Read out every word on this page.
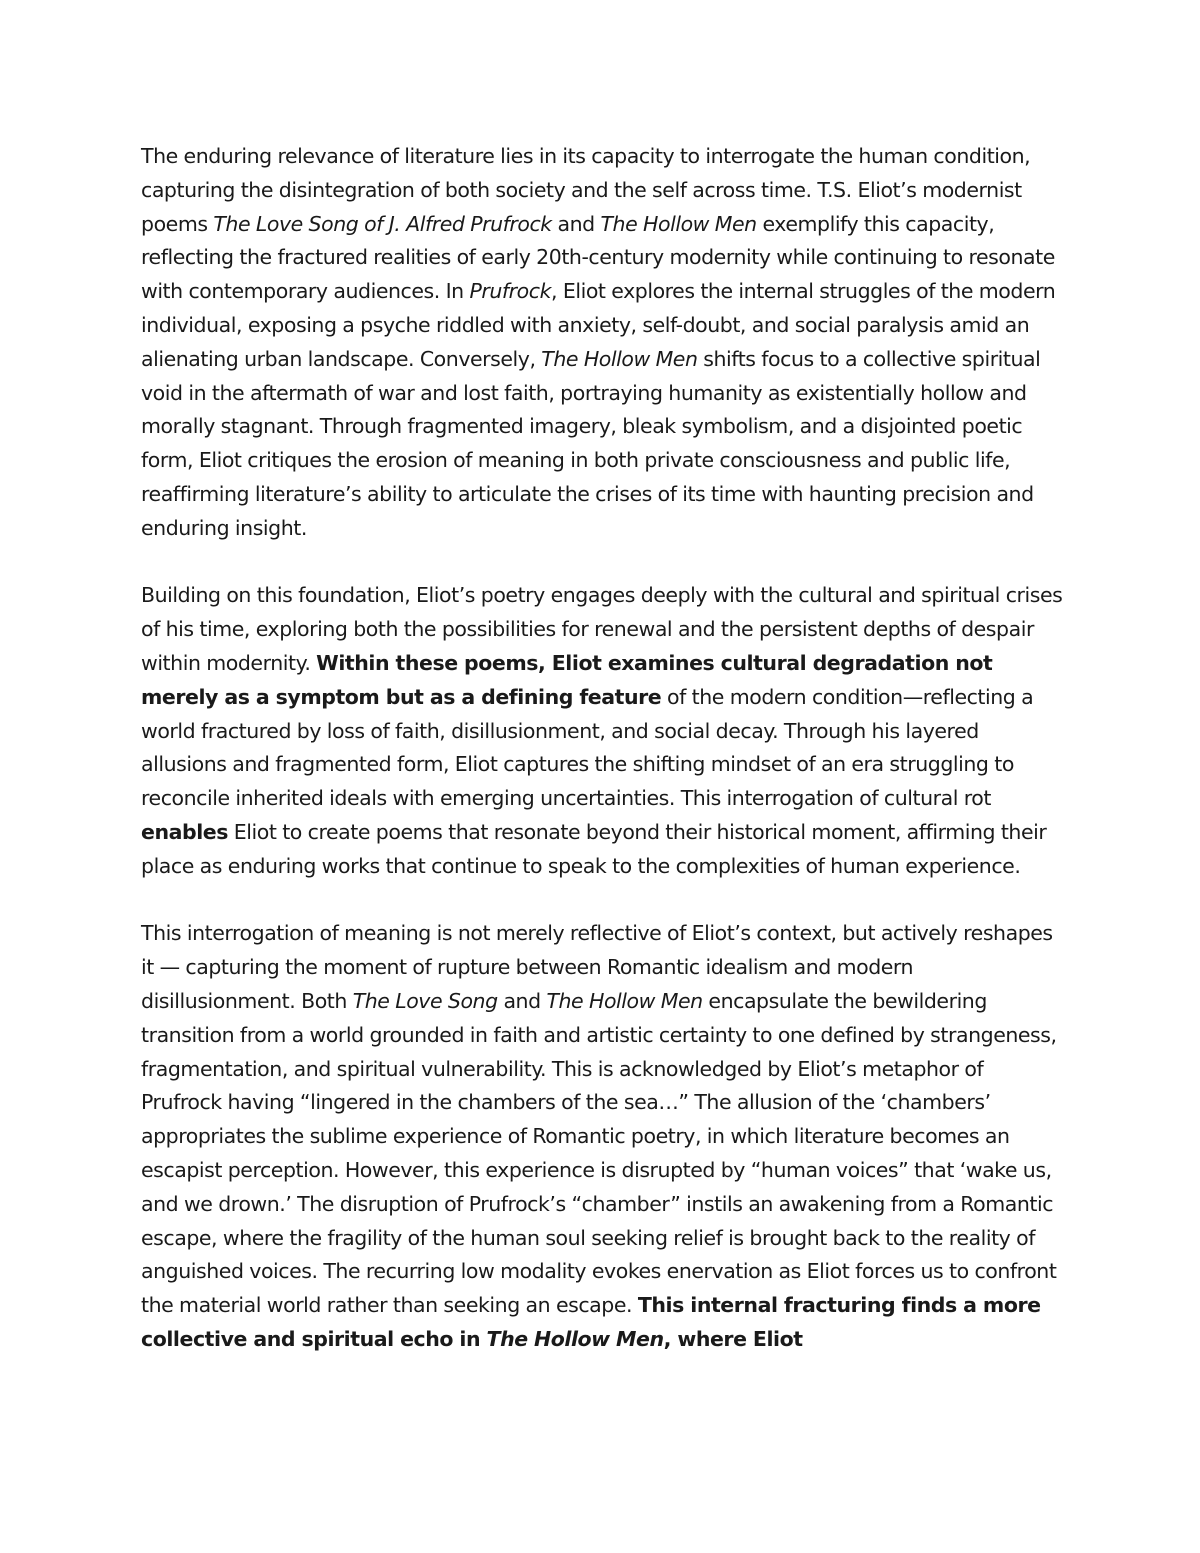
The enduring relevance of literature lies in its capacity to interrogate the human condition, capturing the disintegration of both society and the self across time. T.S. Eliot’s modernist poems The Love Song of J. Alfred Prufrock and The Hollow Men exemplify this capacity, reflecting the fractured realities of early 20th-century modernity while continuing to resonate with contemporary audiences. In Prufrock, Eliot explores the internal struggles of the modern individual, exposing a psyche riddled with anxiety, self-doubt, and social paralysis amid an alienating urban landscape. Conversely, The Hollow Men shifts focus to a collective spiritual void in the aftermath of war and lost faith, portraying humanity as existentially hollow and morally stagnant. Through fragmented imagery, bleak symbolism, and a disjointed poetic form, Eliot critiques the erosion of meaning in both private consciousness and public life, reaffirming literature’s ability to articulate the crises of its time with haunting precision and enduring insight.

Building on this foundation, Eliot’s poetry engages deeply with the cultural and spiritual crises of his time, exploring both the possibilities for renewal and the persistent depths of despair within modernity. Within these poems, Eliot examines cultural degradation not merely as a symptom but as a defining feature of the modern condition—reflecting a world fractured by loss of faith, disillusionment, and social decay. Through his layered allusions and fragmented form, Eliot captures the shifting mindset of an era struggling to reconcile inherited ideals with emerging uncertainties. This interrogation of cultural rot enables Eliot to create poems that resonate beyond their historical moment, affirming their place as enduring works that continue to speak to the complexities of human experience.

This interrogation of meaning is not merely reflective of Eliot’s context, but actively reshapes it — capturing the moment of rupture between Romantic idealism and modern disillusionment. Both The Love Song and The Hollow Men encapsulate the bewildering transition from a world grounded in faith and artistic certainty to one defined by strangeness, fragmentation, and spiritual vulnerability. This is acknowledged by Eliot’s metaphor of Prufrock having “lingered in the chambers of the sea…” The allusion of the ‘chambers’ appropriates the sublime experience of Romantic poetry, in which literature becomes an escapist perception. However, this experience is disrupted by “human voices” that ‘wake us, and we drown.’ The disruption of Prufrock’s “chamber” instils an awakening from a Romantic escape, where the fragility of the human soul seeking relief is brought back to the reality of anguished voices. The recurring low modality evokes enervation as Eliot forces us to confront the material world rather than seeking an escape. This internal fracturing finds a more collective and spiritual echo in The Hollow Men, where Eliot
